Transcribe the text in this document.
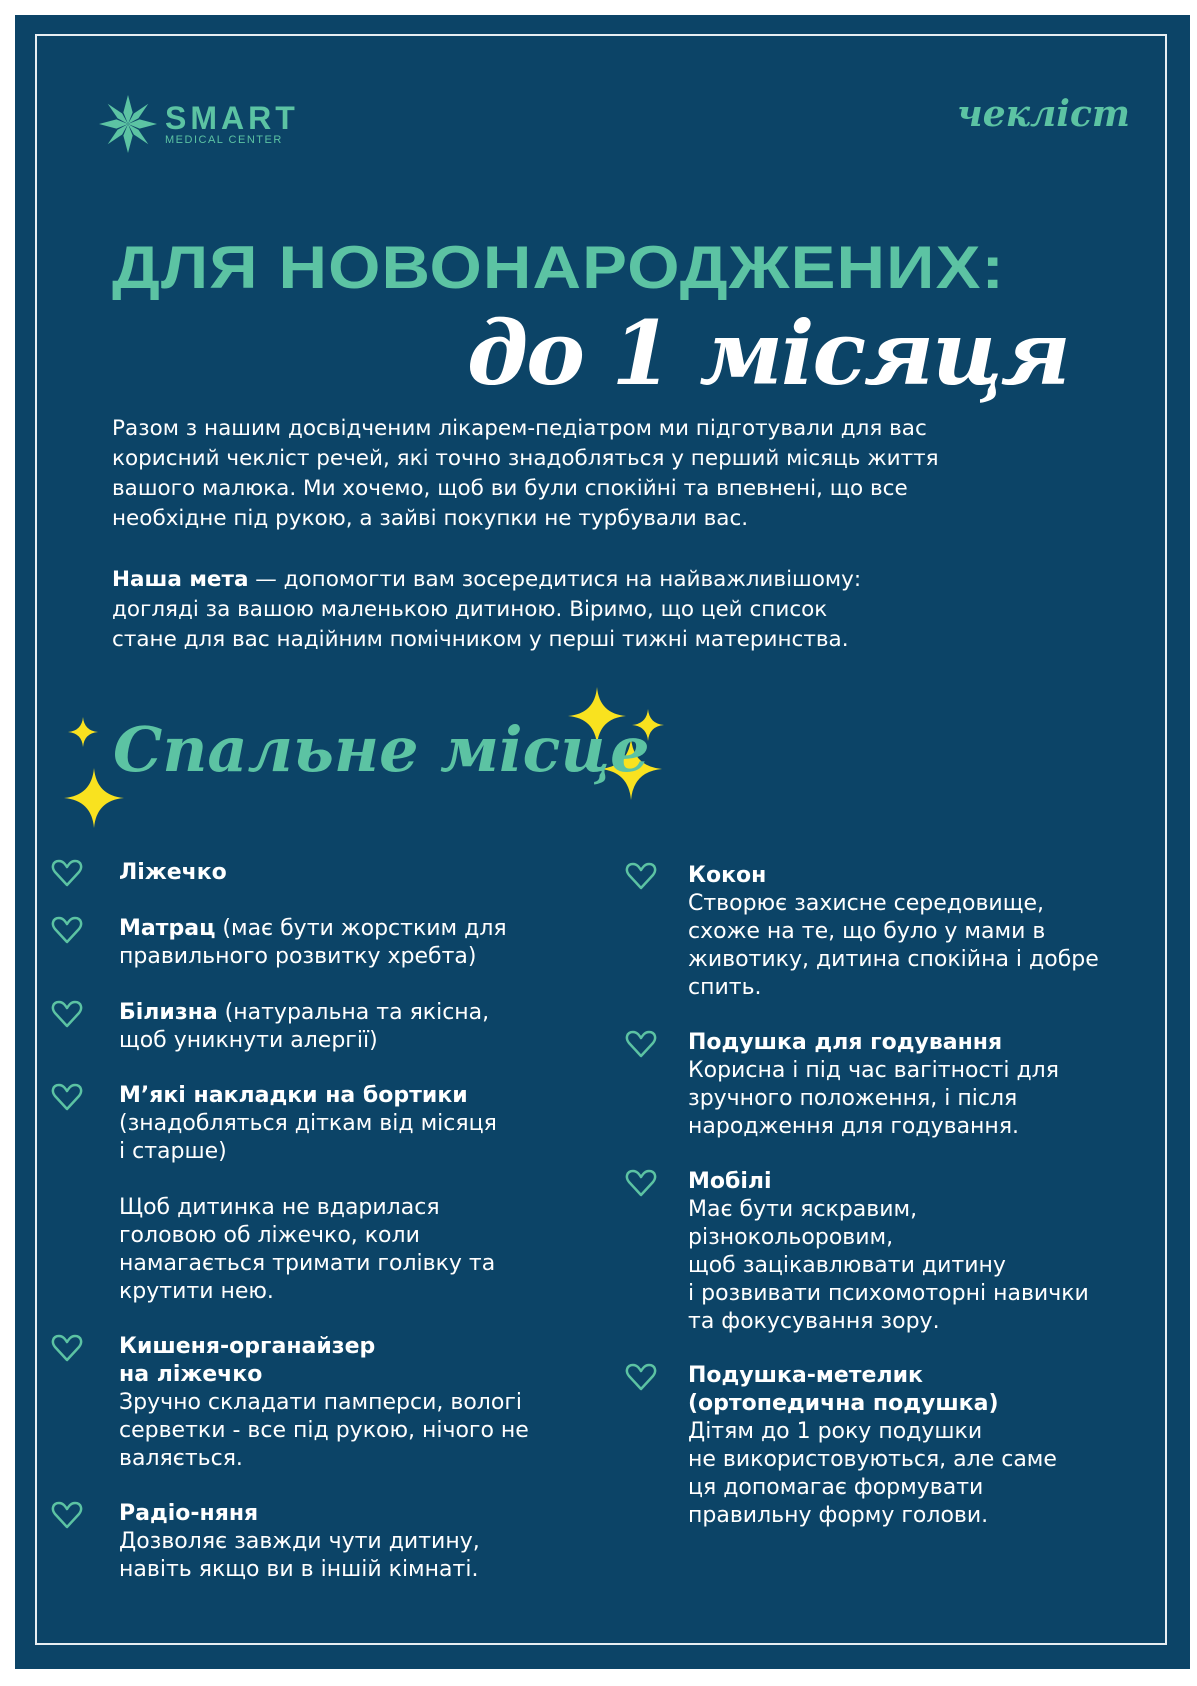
SMART
MEDICAL CENTER
чекліст
ДЛЯ НОВОНАРОДЖЕНИХ:
до 1 місяця
Разом з нашим досвідченим лікарем-педіатром ми підготували для вас
корисний чекліст речей, які точно знадобляться у перший місяць життя
вашого малюка. Ми хочемо, щоб ви були спокійні та впевнені, що все
необхідне під рукою, а зайві покупки не турбували вас.
Наша мета — допомогти вам зосередитися на найважливішому:
догляді за вашою маленькою дитиною. Віримо, що цей список
стане для вас надійним помічником у перші тижні материнства.
Спальне місце
Ліжечко
Матрац (має бути жорстким для
правильного розвитку хребта)
Білизна (натуральна та якісна,
щоб уникнути алергії)
М’які накладки на бортики
(знадобляться діткам від місяця
і старше)
Щоб дитинка не вдарилася
головою об ліжечко, коли
намагається тримати голівку та
крутити нею.
Кишеня-органайзер
на ліжечко
Зручно складати памперси, вологі
серветки - все під рукою, нічого не
валяється.
Радіо-няня
Дозволяє завжди чути дитину,
навіть якщо ви в іншій кімнаті.
Кокон
Створює захисне середовище,
схоже на те, що було у мами в
животику, дитина спокійна і добре
спить.
Подушка для годування
Корисна і під час вагітності для
зручного положення, і після
народження для годування.
Мобілі
Має бути яскравим,
різнокольоровим,
щоб зацікавлювати дитину
і розвивати психомоторні навички
та фокусування зору.
Подушка-метелик
(ортопедична подушка)
Дітям до 1 року подушки
не використовуються, але саме
ця допомагає формувати
правильну форму голови.
